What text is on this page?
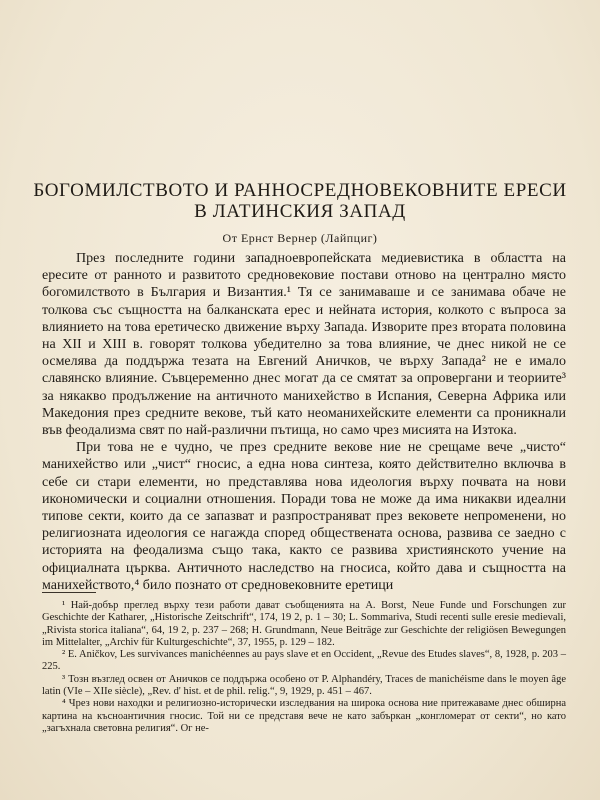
БОГОМИЛСТВОТО И РАННОСРЕДНОВЕКОВНИТЕ ЕРЕСИ
В ЛАТИНСКИЯ ЗАПАД
От Ернст Вернер (Лайпциг)

През последните години западноевропейската медиевистика в областта на ересите от ранното и развитото средновековие постави отново на централно място богомилството в България и Византия.¹ Тя се занимаваше и се занимава обаче не толкова със същността на балканската ерес и нейната история, колкото с въпроса за влиянието на това еретическо движение върху Запада. Изворите през втората половина на XII и XIII в. говорят толкова убедително за това влияние, че днес никой не се осмелява да поддържа тезата на Евгений Аничков, че върху Запада² не е имало славянско влияние. Съвцеременно днес могат да се смятат за опровергани и теориите³ за някакво продължение на античното манихейство в Испания, Северна Африка или Македония през средните векове, тъй като неоманихейските елементи са проникнали във феодализма свят по най-различни пътища, но само чрез мисията на Изтока.

При това не е чудно, че през средните векове ние не срещаме вече „чисто“ манихейство или „чист“ гносис, а една нова синтеза, която действително включва в себе си стари елементи, но представлява нова идеология върху почвата на нови икономически и социални отношения. Поради това не може да има никакви идеални типове секти, които да се запазват и разпространяват през вековете непроменени, но религиозната идеология се нагажда според обществената основа, развива се заедно с историята на феодализма също така, както се развива християнското учение на официалната църква. Античното наследство на гносиса, който дава и същността на манихейството,⁴ било познато от средновековните еретици

¹ Най-добър преглед върху тези работи дават съобщенията на A. Borst, Neue Funde und Forschungen zur Geschichte der Katharer, „Historische Zeitschrift“, 174, 19 2, p. 1 – 30; L. Sommariva, Studi recenti sulle eresie medievali, „Rivista storica italiana“, 64, 19 2, p. 237 – 268; H. Grundmann, Neue Beiträge zur Geschichte der religiösen Bewegungen im Mittelalter, „Archiv für Kulturgeschichte“, 37, 1955, p. 129 – 182.

² E. Aničkov, Les survivances manichéennes au pays slave et en Occident, „Revue des Etudes slaves“, 8, 1928, p. 203 – 225.

³ Тозн възглед освен от Аничков се поддържа особено от P. Alphandéry, Traces de manichéisme dans le moyen âge latin (VIe – XIIe siècle), „Rev. d' hist. et de phil. relig.“, 9, 1929, p. 451 – 467.

⁴ Чрез нови находки и религиозно-исторически изследвания на широка основа ние притежаваме днес обширна картина на късноантичния гносис. Той ни се представя вече не като забъркан „конгломерат от секти“, но като „загъхнала световна религия“. Ог не-
